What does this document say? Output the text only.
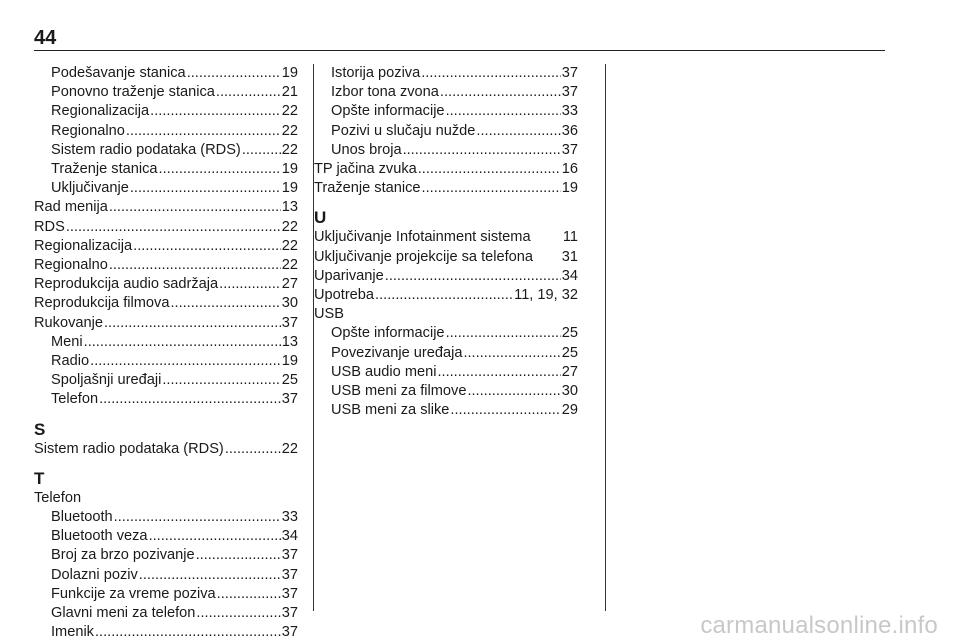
44
Podešavanje stanica .....	19
Ponovno traženje stanica .....	21
Regionalizacija .....	22
Regionalno .....	22
Sistem radio podataka (RDS) .....	22
Traženje stanica .....	19
Uključivanje .....	19
Rad menija .....	13
RDS .....	22
Regionalizacija .....	22
Regionalno .....	22
Reprodukcija audio sadržaja .....	27
Reprodukcija filmova .....	30
Rukovanje .....	37
Meni .....	13
Radio .....	19
Spoljašnji uređaji .....	25
Telefon .....	37
S
Sistem radio podataka (RDS) .....	22
T
Telefon
Bluetooth .....	33
Bluetooth veza .....	34
Broj za brzo pozivanje .....	37
Dolazni poziv .....	37
Funkcije za vreme poziva .....	37
Glavni meni za telefon .....	37
Imenik .....	37
Istorija poziva .....	37
Izbor tona zvona .....	37
Opšte informacije .....	33
Pozivi u slučaju nužde .....	36
Unos broja .....	37
TP jačina zvuka .....	16
Traženje stanice .....	19
U
Uključivanje Infotainment sistema	11
Uključivanje projekcije sa telefona	31
Uparivanje .....	34
Upotreba .....	11, 19, 32
USB
Opšte informacije .....	25
Povezivanje uređaja .....	25
USB audio meni .....	27
USB meni za filmove .....	30
USB meni za slike .....	29
carmanualsonline.info
